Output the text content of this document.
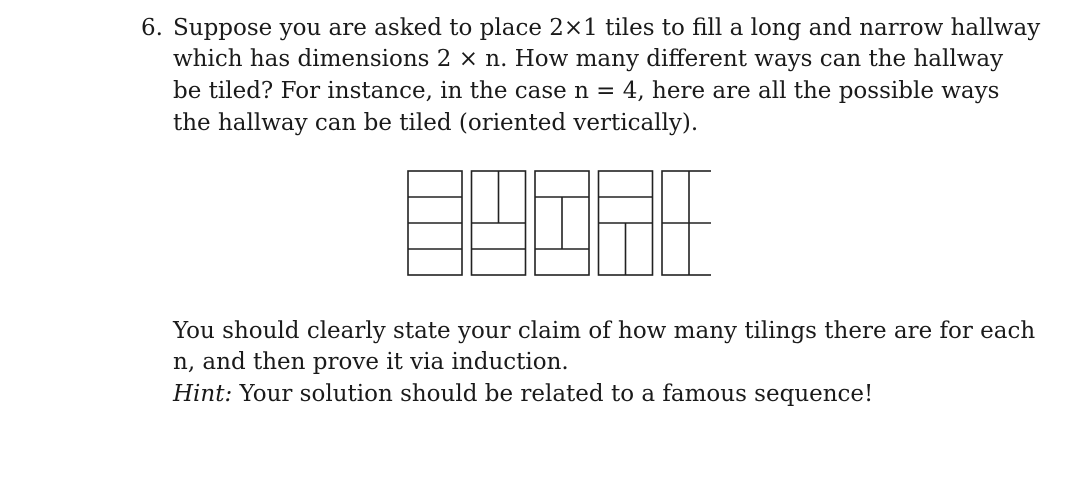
6. Suppose you are asked to place 2×1 tiles to fill a long and narrow hallway
which has dimensions 2 × n. How many different ways can the hallway
be tiled? For instance, in the case n = 4, here are all the possible ways
the hallway can be tiled (oriented vertically).
You should clearly state your claim of how many tilings there are for each
n, and then prove it via induction.
Hint: Your solution should be related to a famous sequence!
